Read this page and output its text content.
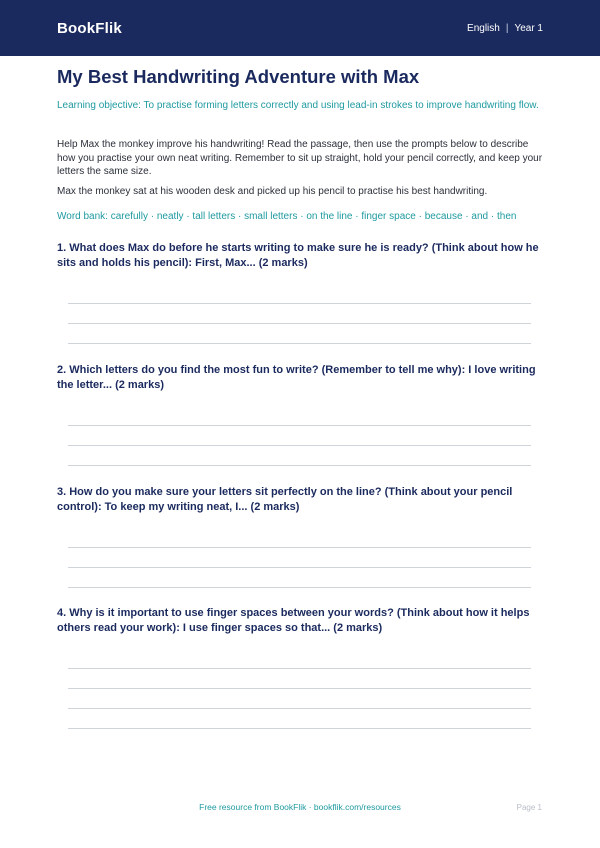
BookFlik	English | Year 1
My Best Handwriting Adventure with Max

Learning objective: To practise forming letters correctly and using lead-in strokes to improve handwriting flow.

Help Max the monkey improve his handwriting! Read the passage, then use the prompts below to describe how you practise your own neat writing. Remember to sit up straight, hold your pencil correctly, and keep your letters the same size.

Max the monkey sat at his wooden desk and picked up his pencil to practise his best handwriting.

Word bank: carefully · neatly · tall letters · small letters · on the line · finger space · because · and · then

1. What does Max do before he starts writing to make sure he is ready? (Think about how he sits and holds his pencil): First, Max... (2 marks)

2. Which letters do you find the most fun to write? (Remember to tell me why): I love writing the letter... (2 marks)

3. How do you make sure your letters sit perfectly on the line? (Think about your pencil control): To keep my writing neat, I... (2 marks)

4. Why is it important to use finger spaces between your words? (Think about how it helps others read your work): I use finger spaces so that... (2 marks)

Free resource from BookFlik · bookflik.com/resources	Page 1
